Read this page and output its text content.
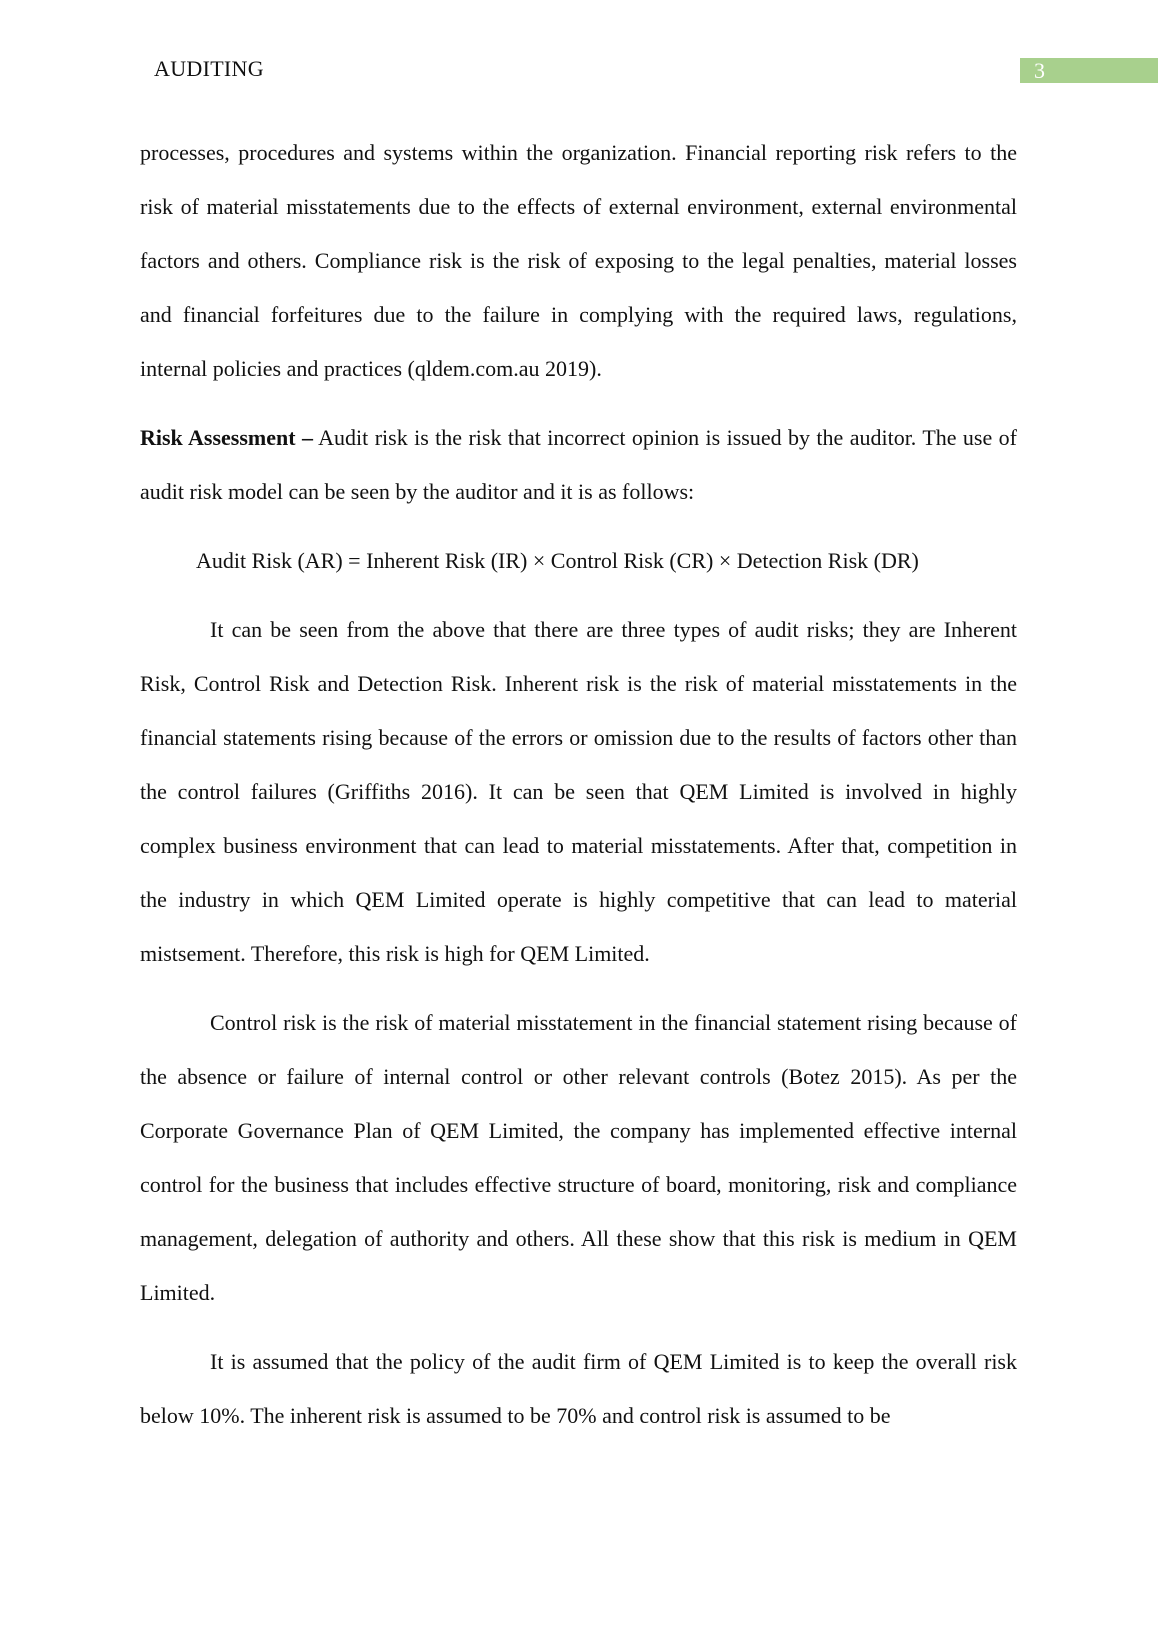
AUDITING	3

processes, procedures and systems within the organization. Financial reporting risk refers to the risk of material misstatements due to the effects of external environment, external environmental factors and others. Compliance risk is the risk of exposing to the legal penalties, material losses and financial forfeitures due to the failure in complying with the required laws, regulations, internal policies and practices (qldem.com.au 2019).

Risk Assessment – Audit risk is the risk that incorrect opinion is issued by the auditor. The use of audit risk model can be seen by the auditor and it is as follows:

Audit Risk (AR) = Inherent Risk (IR) × Control Risk (CR) × Detection Risk (DR)

It can be seen from the above that there are three types of audit risks; they are Inherent Risk, Control Risk and Detection Risk. Inherent risk is the risk of material misstatements in the financial statements rising because of the errors or omission due to the results of factors other than the control failures (Griffiths 2016). It can be seen that QEM Limited is involved in highly complex business environment that can lead to material misstatements. After that, competition in the industry in which QEM Limited operate is highly competitive that can lead to material mistsement. Therefore, this risk is high for QEM Limited.

Control risk is the risk of material misstatement in the financial statement rising because of the absence or failure of internal control or other relevant controls (Botez 2015). As per the Corporate Governance Plan of QEM Limited, the company has implemented effective internal control for the business that includes effective structure of board, monitoring, risk and compliance management, delegation of authority and others. All these show that this risk is medium in QEM Limited.

It is assumed that the policy of the audit firm of QEM Limited is to keep the overall risk below 10%. The inherent risk is assumed to be 70% and control risk is assumed to be
